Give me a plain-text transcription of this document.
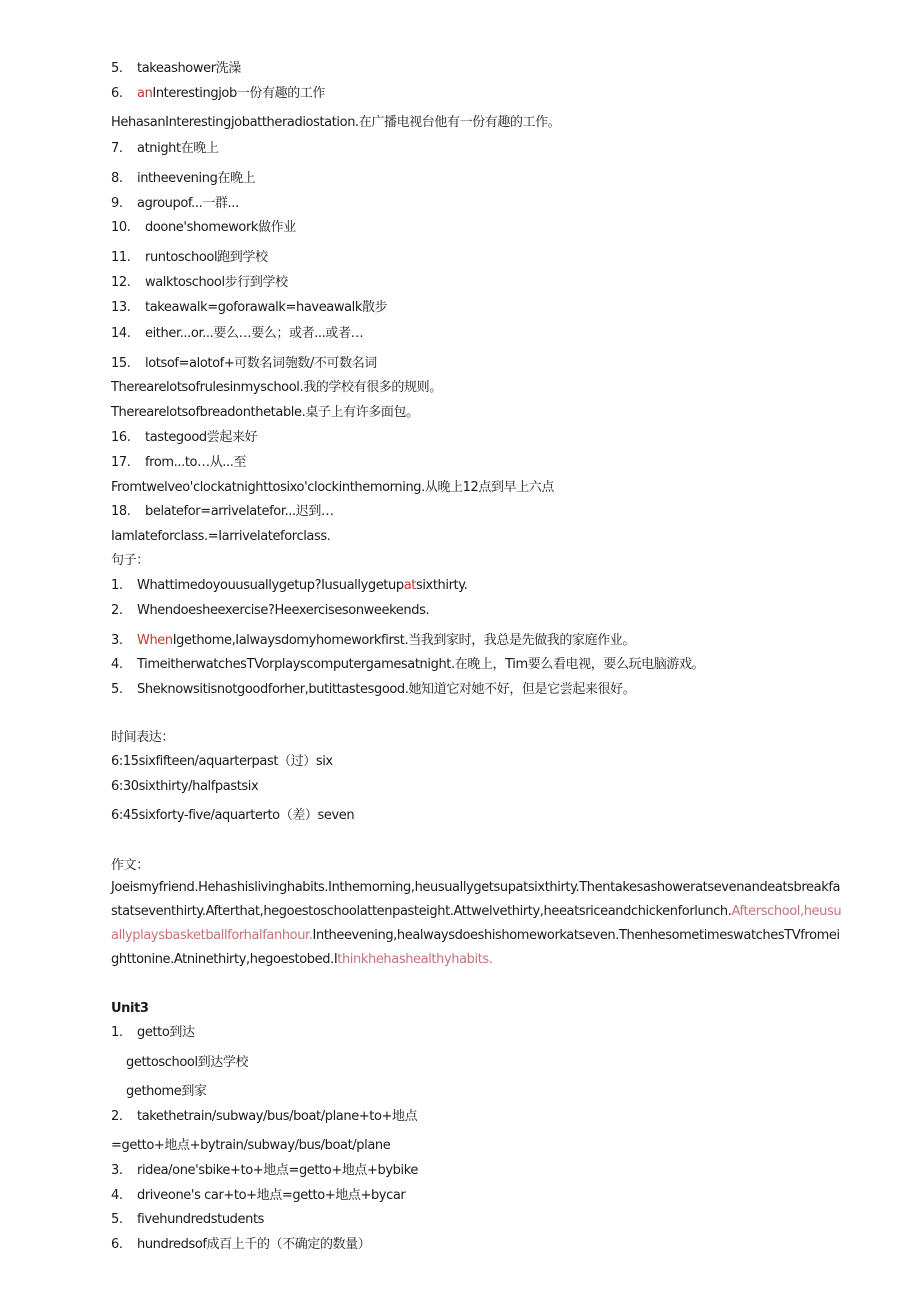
5. takeashower洗澡
6. anInterestingjob一份有趣的工作
HehasanInterestingjobattheradiostation.在广播电视台他有一份有趣的工作。
7. atnight在晚上
8. intheevening在晚上
9. agroupof...一群...
10. doone'shomework做作业
11. runtoschool跑到学校
12. walktoschool步行到学校
13. takeawalk=goforawalk=haveawalk散步
14. either...or...要么…要么；或者...或者…
15. lotsof=alotof+可数名词匏数/不可数名词
Therearelotsofrulesinmyschool.我的学校有很多的规则。
Therearelotsofbreadonthetable.桌子上有许多面包。
16. tastegood尝起来好
17. from...to…从...至
Fromtwelveo'clockatnighttosixo'clockinthemorning.从晚上12点到早上六点
18. belatefor=arrivelatefor...迟到…
Iamlateforclass.=Iarrivelateforclass.
句子：
1. Whattimedoyouusuallygetup?Iusuallygetupatsixthirty.
2. Whendoesheexercise?Heexercisesonweekends.
3. WhenIgethome,Ialwaysdomyhomeworkfirst.当我到家时，我总是先做我的家庭作业。
4. TimeitherwatchesTVorplayscomputergamesatnight.在晚上，Tim要么看电视，要么玩电脑游戏。
5. Sheknowsitisnotgoodforher,butittastesgood.她知道它对她不好，但是它尝起来很好。
时间表达：
6:15sixfifteen/aquarterpast（过）six
6:30sixthirty/halfpastsix
6:45sixforty-five/aquarterto（差）seven
作文：
Joeismyfriend.Hehashislivinghabits.Inthemorning,heusuallygetsupatsixthirty.Thentakesashoweratsevenandeatsbreakfastatseventhirty.Afterthat,hegoestoschoolattenpasteight.Attwelvethirty,heeatsriceandchickenforlunch.Afterschool,heusuallyplaysbasketballforhalfanhour.Intheevening,healwaysdoeshishomeworkatseven.ThenhesometimeswatchesTVfromeighttonine.Atninethirty,hegoestobed.Ithinkhehashealthyhabits.
Unit3
1. getto到达
gettoschool到达学校
gethome到家
2. takethetrain/subway/bus/boat/plane+to+地点
=getto+地点+bytrain/subway/bus/boat/plane
3. ridea/one'sbike+to+地点=getto+地点+bybike
4. driveone's car+to+地点=getto+地点+bycar
5. fivehundredstudents
6. hundredsof成百上千的（不确定的数量）
